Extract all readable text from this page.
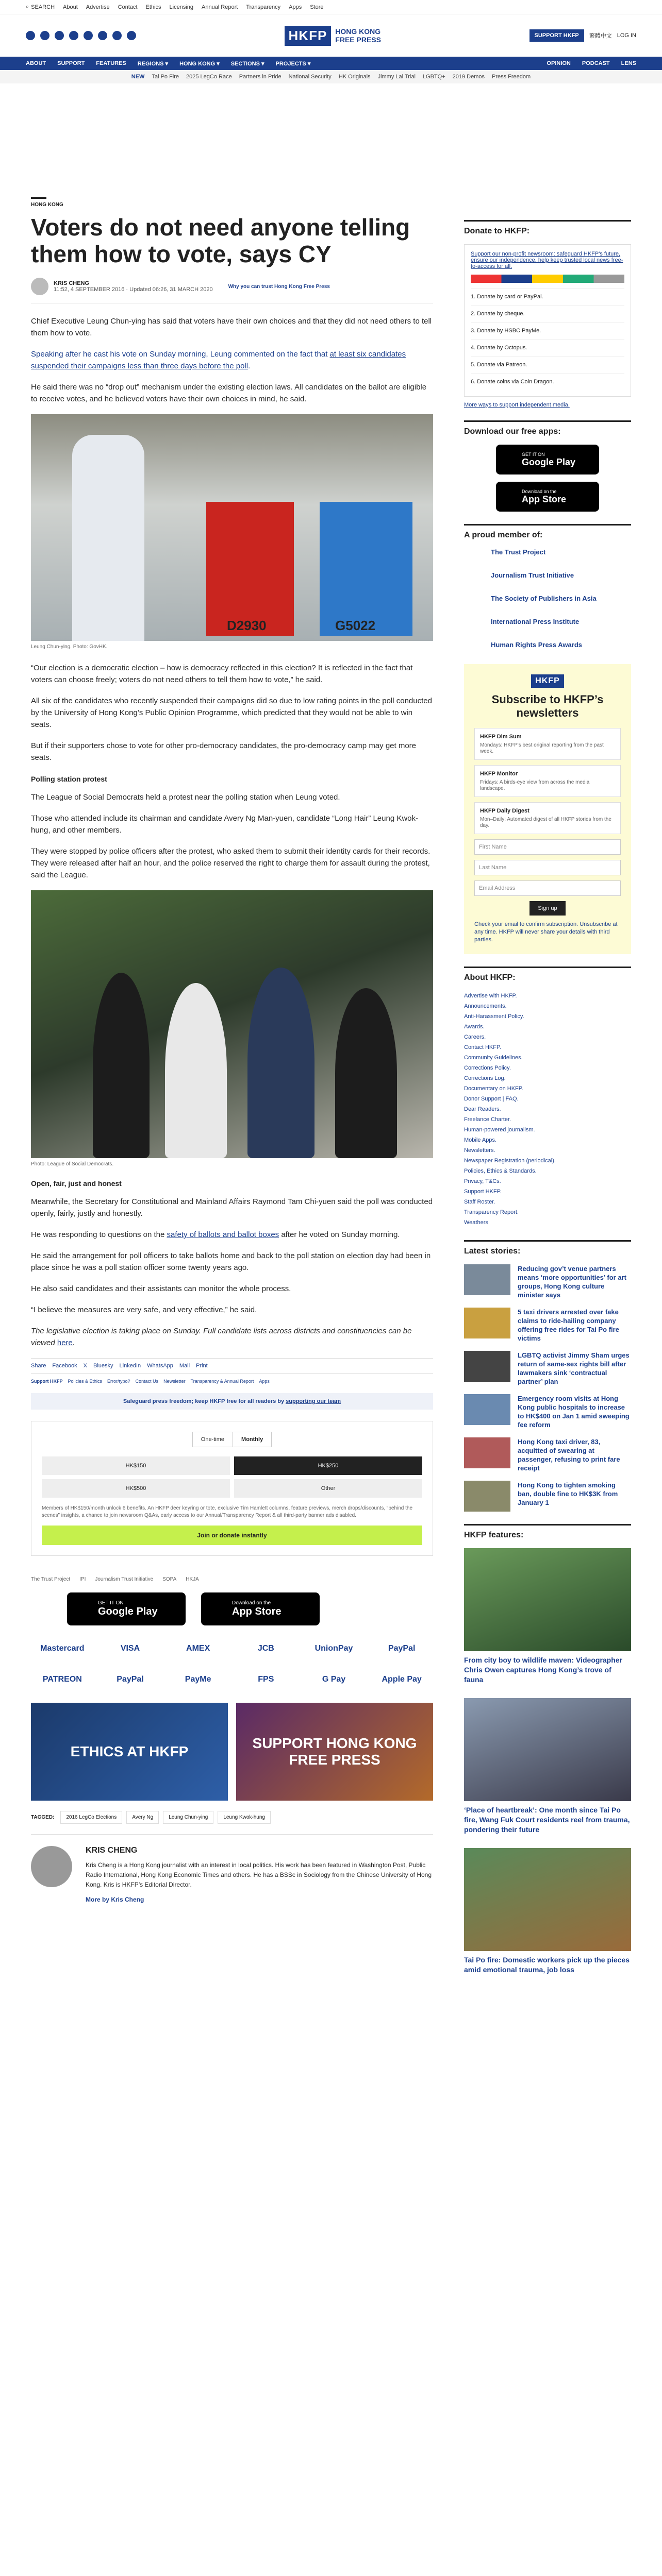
⌕ SEARCH About Advertise Contact Ethics Licensing Annual Report Transparency Apps Store
HKFP	HONG KONG
FREE PRESS	SUPPORT HKFP	繁體中文 LOG IN
ABOUT SUPPORT FEATURES REGIONS ▾ HONG KONG ▾ SECTIONS ▾ PROJECTS ▾	OPINION PODCAST LENS
NEW Tai Po Fire 2025 LegCo Race Partners in Pride National Security HK Originals Jimmy Lai Trial LGBTQ+ 2019 Demos Press Freedom
HONG KONG
Voters do not need anyone telling them how to vote, says CY
KRIS CHENG
11:52, 4 SEPTEMBER 2016 · Updated 06:26, 31 MARCH 2020	Why you can trust Hong Kong Free Press

Chief Executive Leung Chun-ying has said that voters have their own choices and that they did not need others to tell them how to vote.

Speaking after he cast his vote on Sunday morning, Leung commented on the fact that at least six candidates suspended their campaigns less than three days before the poll.

He said there was no “drop out” mechanism under the existing election laws. All candidates on the ballot are eligible to receive votes, and he believed voters have their own choices in mind, he said.

D2930	G5022
Leung Chun-ying. Photo: GovHK.

“Our election is a democratic election – how is democracy reflected in this election? It is reflected in the fact that voters can choose freely; voters do not need others to tell them how to vote,” he said.

All six of the candidates who recently suspended their campaigns did so due to low rating points in the poll conducted by the University of Hong Kong’s Public Opinion Programme, which predicted that they would not be able to win seats.

But if their supporters chose to vote for other pro-democracy candidates, the pro-democracy camp may get more seats.

Polling station protest

The League of Social Democrats held a protest near the polling station when Leung voted.

Those who attended include its chairman and candidate Avery Ng Man-yuen, candidate “Long Hair” Leung Kwok-hung, and other members.

They were stopped by police officers after the protest, who asked them to submit their identity cards for their records. They were released after half an hour, and the police reserved the right to charge them for assault during the protest, said the League.

Photo: League of Social Democrats.
Open, fair, just and honest

Meanwhile, the Secretary for Constitutional and Mainland Affairs Raymond Tam Chi-yuen said the poll was conducted openly, fairly, justly and honestly.

He was responding to questions on the safety of ballots and ballot boxes after he voted on Sunday morning.

He said the arrangement for poll officers to take ballots home and back to the poll station on election day had been in place since he was a poll station officer some twenty years ago.

He also said candidates and their assistants can monitor the whole process.

“I believe the measures are very safe, and very effective,” he said.

The legislative election is taking place on Sunday. Full candidate lists across districts and constituencies can be viewed here.

Share Facebook X Bluesky LinkedIn WhatsApp Mail Print
Support HKFP Policies & Ethics Error/typo? Contact Us Newsletter Transparency & Annual Report Apps
Safeguard press freedom; keep HKFP free for all readers by supporting our team
One-time	Monthly
HK$150	HK$250
HK$500	Other
Members of HK$150/month unlock 6 benefits. An HKFP deer keyring or tote, exclusive Tim Hamlett columns, feature previews, merch drops/discounts, “behind the scenes” insights, a chance to join newsroom Q&As, early access to our Annual/Transparency Report & all third-party banner ads disabled.
Join or donate instantly
The Trust Project IPI Journalism Trust Initiative SOPA HKJA
GET IT ON
Google Play
Download on the
App Store
Mastercard	VISA	AMEX	JCB	UnionPay	PayPal
PATREON	PayPal	PayMe	FPS	G Pay	Apple Pay
ETHICS AT HKFP
SUPPORT HONG KONG FREE PRESS
TAGGED:	2016 LegCo Elections	Avery Ng	Leung Chun-ying	Leung Kwok-hung
KRIS CHENG

Kris Cheng is a Hong Kong journalist with an interest in local politics. His work has been featured in Washington Post, Public Radio International, Hong Kong Economic Times and others. He has a BSSc in Sociology from the Chinese University of Hong Kong. Kris is HKFP’s Editorial Director.

More by Kris Cheng

Donate to HKFP:
Support our non-profit newsroom: safeguard HKFP's future, ensure our independence, help keep trusted local news free-to-access for all.
1. Donate by card or PayPal.
2. Donate by cheque.
3. Donate by HSBC PayMe.
4. Donate by Octopus.
5. Donate via Patreon.
6. Donate coins via Coin Dragon.
More ways to support independent media.
Download our free apps:
GET IT ON
Google Play
Download on the
App Store
A proud member of:
The Trust Project
Journalism Trust Initiative
The Society of Publishers in Asia
International Press Institute
Human Rights Press Awards
HKFP
Subscribe to HKFP’s newsletters
HKFP Dim Sum
Mondays: HKFP's best original reporting from the past week.
HKFP Monitor
Fridays: A birds-eye view from across the media landscape.
HKFP Daily Digest
Mon–Daily: Automated digest of all HKFP stories from the day.
First Name
Last Name
Email Address
Sign up
Check your email to confirm subscription. Unsubscribe at any time. HKFP will never share your details with third parties.
About HKFP:
Advertise with HKFP.
Announcements.
Anti-Harassment Policy.
Awards.
Careers.
Contact HKFP.
Community Guidelines.
Corrections Policy.
Corrections Log.
Documentary on HKFP.
Donor Support | FAQ.
Dear Readers.
Freelance Charter.
Human-powered journalism.
Mobile Apps.
Newsletters.
Newspaper Registration (periodical).
Policies, Ethics & Standards.
Privacy, T&Cs.
Support HKFP.
Staff Roster.
Transparency Report.
Weathers
Latest stories:
Reducing gov’t venue partners means ‘more opportunities’ for art groups, Hong Kong culture minister says
5 taxi drivers arrested over fake claims to ride-hailing company offering free rides for Tai Po fire victims
LGBTQ activist Jimmy Sham urges return of same-sex rights bill after lawmakers sink ‘contractual partner’ plan
Emergency room visits at Hong Kong public hospitals to increase to HK$400 on Jan 1 amid sweeping fee reform
Hong Kong taxi driver, 83, acquitted of swearing at passenger, refusing to print fare receipt
Hong Kong to tighten smoking ban, double fine to HK$3K from January 1
HKFP features:
From city boy to wildlife maven: Videographer Chris Owen captures Hong Kong’s trove of fauna
‘Place of heartbreak’: One month since Tai Po fire, Wang Fuk Court residents reel from trauma, pondering their future
Tai Po fire: Domestic workers pick up the pieces amid emotional trauma, job loss
